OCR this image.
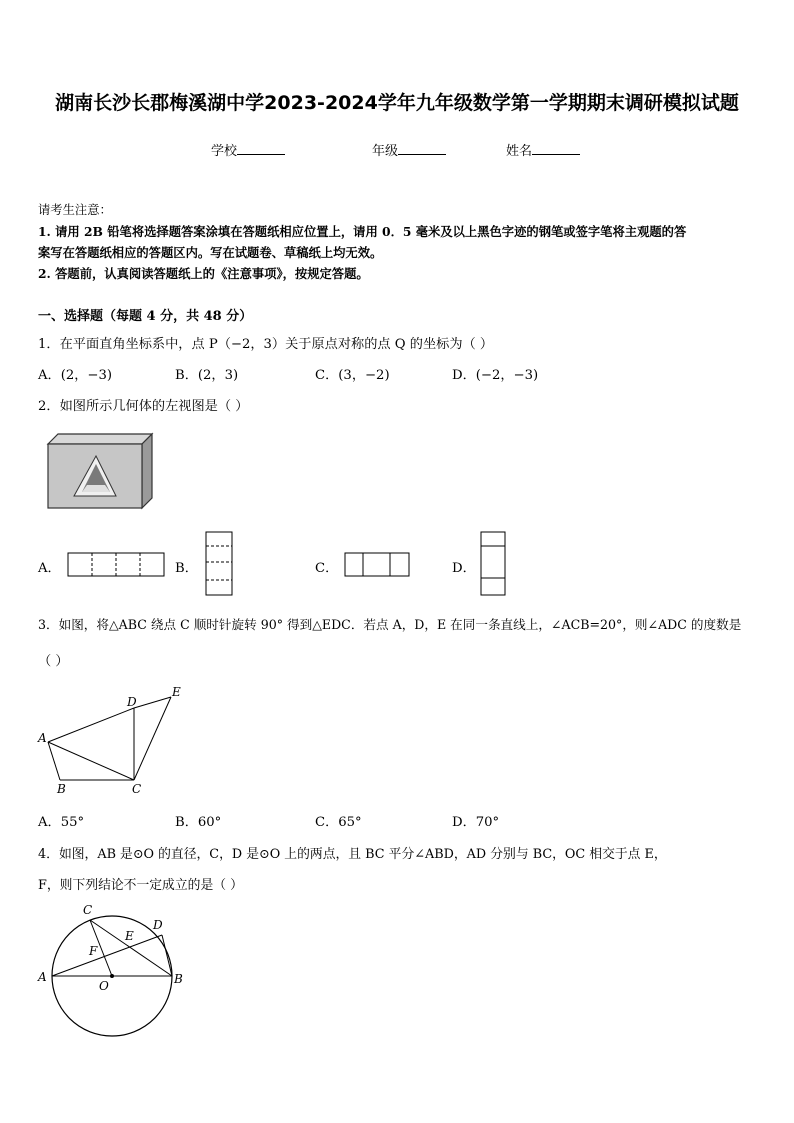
湖南长沙长郡梅溪湖中学2023-2024学年九年级数学第一学期期末调研模拟试题
学校	年级	姓名
请考生注意：
1. 请用 2B 铅笔将选择题答案涂填在答题纸相应位置上，请用 0．5 毫米及以上黑色字迹的钢笔或签字笔将主观题的答
案写在答题纸相应的答题区内。写在试题卷、草稿纸上均无效。
2. 答题前，认真阅读答题纸上的《注意事项》，按规定答题。
一、选择题（每题 4 分，共 48 分）
1．在平面直角坐标系中，点 P（−2，3）关于原点对称的点 Q 的坐标为（ ）
A．(2，−3)	B．(2，3)	C．(3，−2)	D．(−2，−3)
2．如图所示几何体的左视图是（ ）
A．	B．	C．	D．
3．如图，将△ABC 绕点 C 顺时针旋转 90° 得到△EDC．若点 A，D，E 在同一条直线上，∠ACB=20°，则∠ADC 的度数是
（ ）
A
B	C
D
E
A．55°	B．60°	C．65°	D．70°
4．如图，AB 是⊙O 的直径，C，D 是⊙O 上的两点，且 BC 平分∠ABD，AD 分别与 BC，OC 相交于点 E，
F，则下列结论不一定成立的是（ ）
C
D
E
F
A
O	B
